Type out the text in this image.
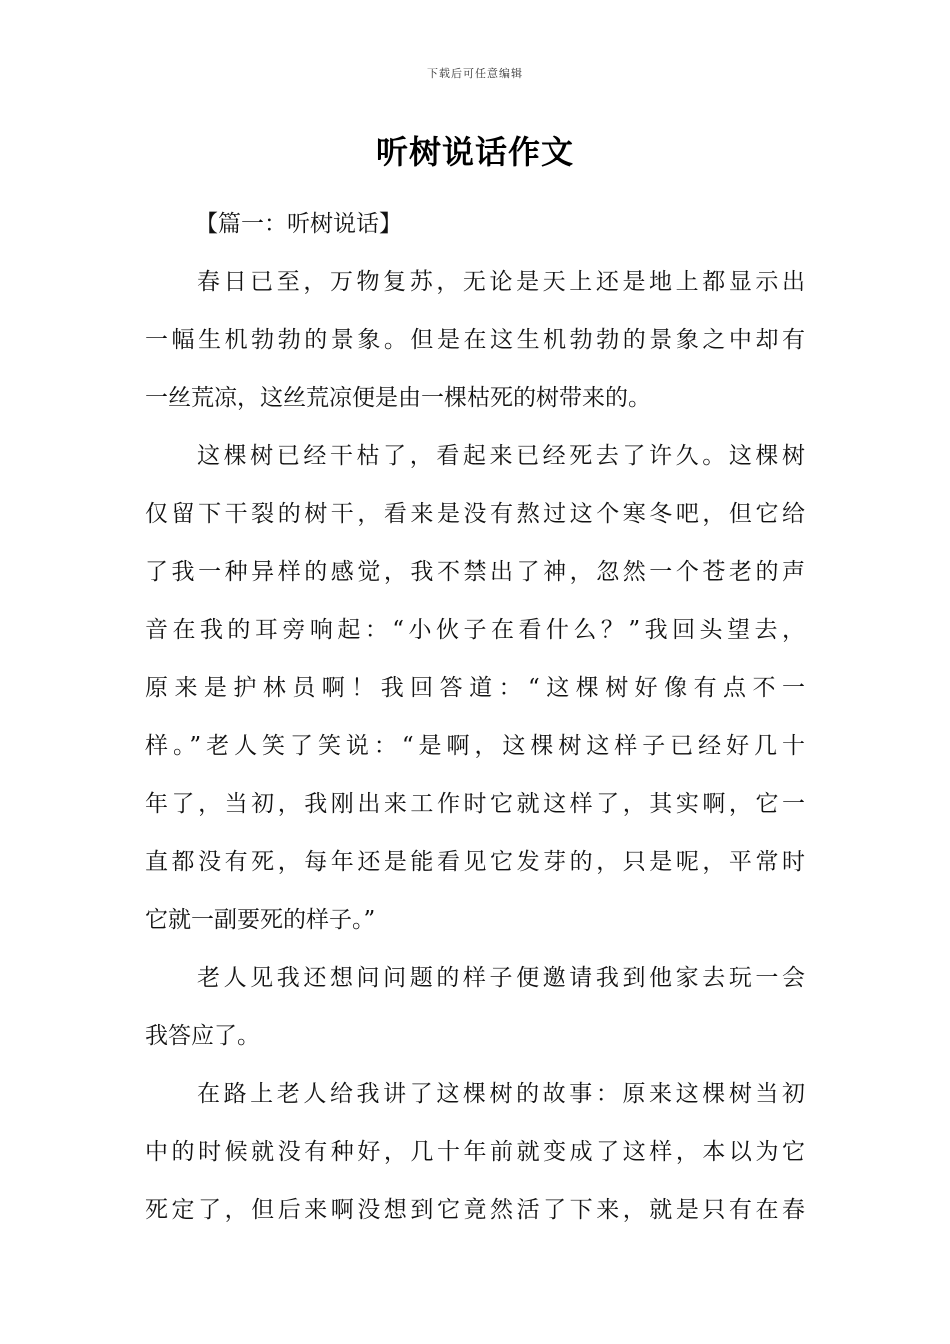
下载后可任意编辑
听树说话作文
【篇一：听树说话】
春日已至，万物复苏，无论是天上还是地上都显示出
一幅生机勃勃的景象。但是在这生机勃勃的景象之中却有
一丝荒凉，这丝荒凉便是由一棵枯死的树带来的。
这棵树已经干枯了，看起来已经死去了许久。这棵树
仅留下干裂的树干，看来是没有熬过这个寒冬吧，但它给
了我一种异样的感觉，我不禁出了神，忽然一个苍老的声
音在我的耳旁响起：“小伙子在看什么？”我回头望去，
原来是护林员啊！我回答道：“这棵树好像有点不一
样。”老人笑了笑说：“是啊，这棵树这样子已经好几十
年了，当初，我刚出来工作时它就这样了，其实啊，它一
直都没有死，每年还是能看见它发芽的，只是呢，平常时
它就一副要死的样子。”
老人见我还想问问题的样子便邀请我到他家去玩一会
我答应了。
在路上老人给我讲了这棵树的故事：原来这棵树当初
中的时候就没有种好，几十年前就变成了这样，本以为它
死定了，但后来啊没想到它竟然活了下来，就是只有在春
